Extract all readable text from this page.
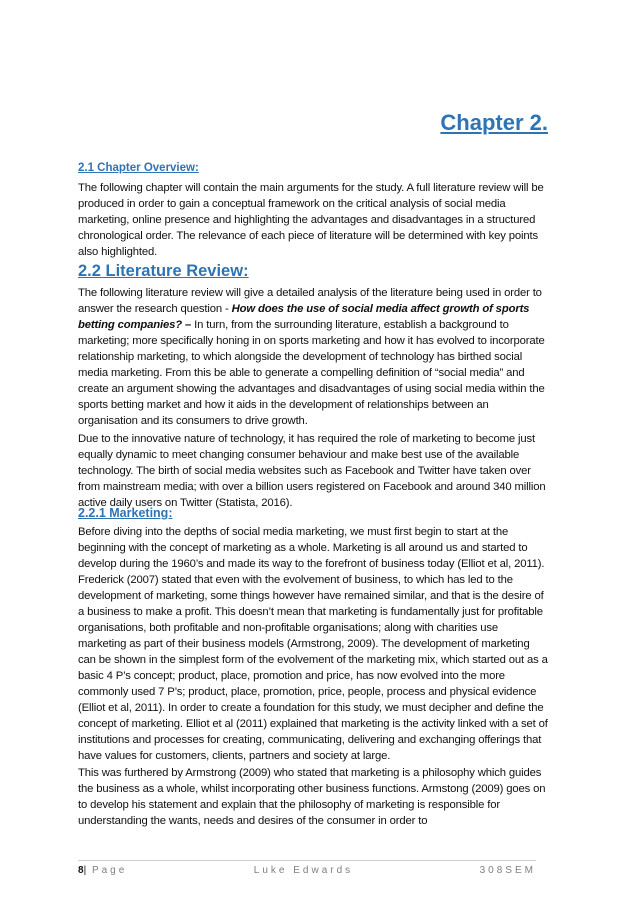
Chapter 2.
2.1 Chapter Overview:

The following chapter will contain the main arguments for the study. A full literature review will be produced in order to gain a conceptual framework on the critical analysis of social media marketing, online presence and highlighting the advantages and disadvantages in a structured chronological order. The relevance of each piece of literature will be determined with key points also highlighted.

2.2 Literature Review:

The following literature review will give a detailed analysis of the literature being used in order to answer the research question - How does the use of social media affect growth of sports betting companies? – In turn, from the surrounding literature, establish a background to marketing; more specifically honing in on sports marketing and how it has evolved to incorporate relationship marketing, to which alongside the development of technology has birthed social media marketing. From this be able to generate a compelling definition of “social media” and create an argument showing the advantages and disadvantages of using social media within the sports betting market and how it aids in the development of relationships between an organisation and its consumers to drive growth.

Due to the innovative nature of technology, it has required the role of marketing to become just equally dynamic to meet changing consumer behaviour and make best use of the available technology. The birth of social media websites such as Facebook and Twitter have taken over from mainstream media; with over a billion users registered on Facebook and around 340 million active daily users on Twitter (Statista, 2016).

2.2.1 Marketing:

Before diving into the depths of social media marketing, we must first begin to start at the beginning with the concept of marketing as a whole. Marketing is all around us and started to develop during the 1960’s and made its way to the forefront of business today (Elliot et al, 2011). Frederick (2007) stated that even with the evolvement of business, to which has led to the development of marketing, some things however have remained similar, and that is the desire of a business to make a profit. This doesn’t mean that marketing is fundamentally just for profitable organisations, both profitable and non-profitable organisations; along with charities use marketing as part of their business models (Armstrong, 2009). The development of marketing can be shown in the simplest form of the evolvement of the marketing mix, which started out as a basic 4 P’s concept; product, place, promotion and price, has now evolved into the more commonly used 7 P’s; product, place, promotion, price, people, process and physical evidence (Elliot et al, 2011). In order to create a foundation for this study, we must decipher and define the concept of marketing. Elliot et al (2011) explained that marketing is the activity linked with a set of institutions and processes for creating, communicating, delivering and exchanging offerings that have values for customers, clients, partners and society at large.

This was furthered by Armstrong (2009) who stated that marketing is a philosophy which guides the business as a whole, whilst incorporating other business functions. Armstong (2009) goes on to develop his statement and explain that the philosophy of marketing is responsible for understanding the wants, needs and desires of the consumer in order to

8| Page	Luke Edwards	308SEM
